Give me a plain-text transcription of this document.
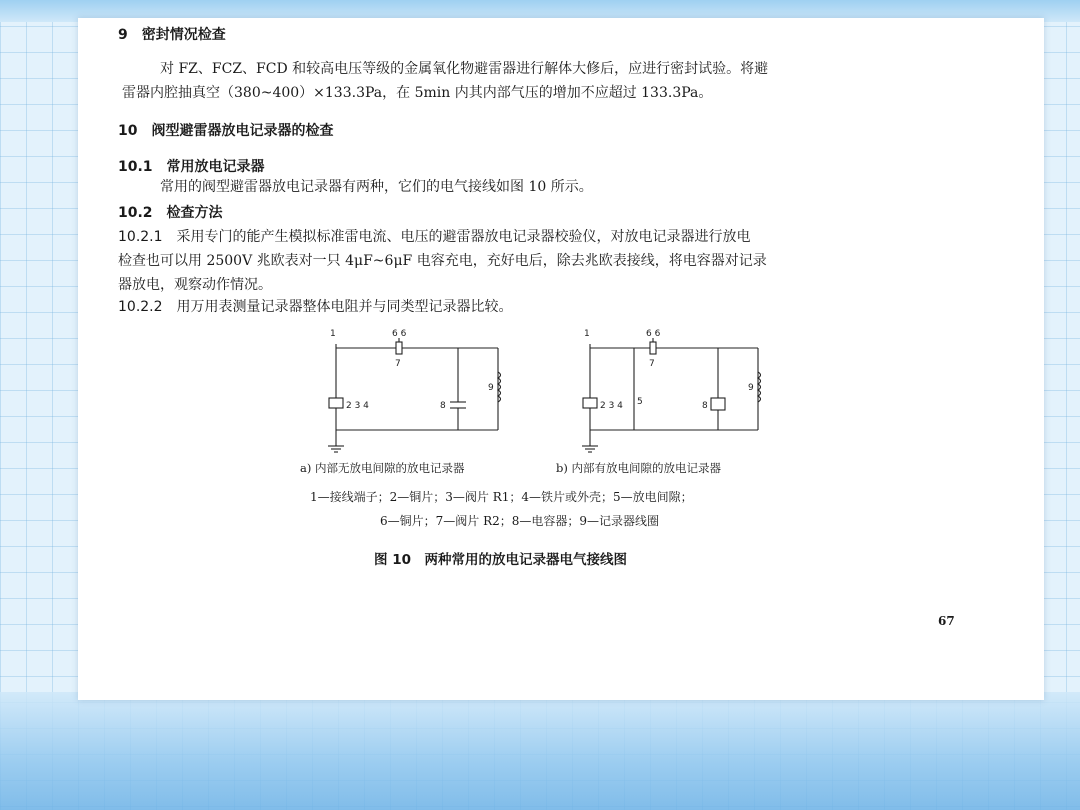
9 密封情况检查
对 FZ、FCZ、FCD 和较高电压等级的金属氧化物避雷器进行解体大修后，应进行密封试验。将避
雷器内腔抽真空（380~400）×133.3Pa，在 5min 内其内部气压的增加不应超过 133.3Pa。
10 阀型避雷器放电记录器的检查
10.1 常用放电记录器
常用的阀型避雷器放电记录器有两种，它们的电气接线如图 10 所示。
10.2 检查方法
10.2.1 采用专门的能产生模拟标准雷电流、电压的避雷器放电记录器校验仪，对放电记录器进行放电
检查也可以用 2500V 兆欧表对一只 4μF~6μF 电容充电，充好电后，除去兆欧表接线，将电容器对记录
器放电，观察动作情况。
10.2.2 用万用表测量记录器整体电阻并与同类型记录器比较。
1	6 6
7
2 3 4	8
9
1	6 6
7
2 3 4 5	8
9
a) 内部无放电间隙的放电记录器	b) 内部有放电间隙的放电记录器
1—接线端子；2—铜片；3—阀片 R1；4—铁片或外壳；5—放电间隙；
6—铜片；7—阀片 R2；8—电容器；9—记录器线圈
图 10　两种常用的放电记录器电气接线图
67
